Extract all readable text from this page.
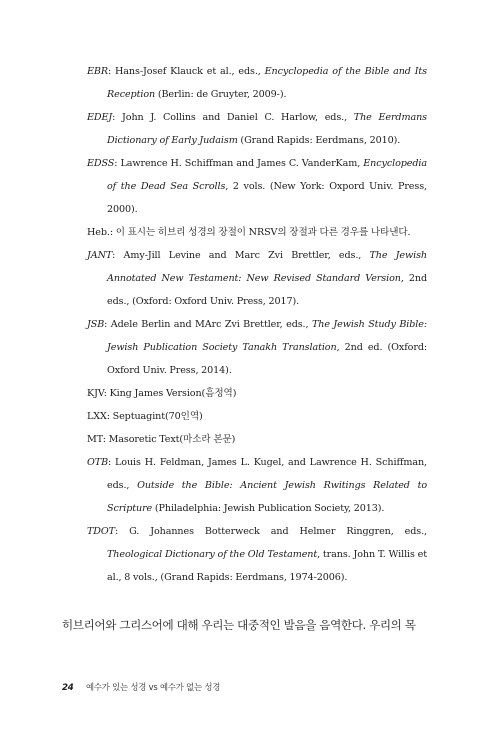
EBR: Hans-Josef Klauck et al., eds., Encyclopedia of the Bible and Its Reception (Berlin: de Gruyter, 2009-).

EDEJ: John J. Collins and Daniel C. Harlow, eds., The Eerdmans Dictionary of Early Judaism (Grand Rapids: Eerdmans, 2010).

EDSS: Lawrence H. Schiffman and James C. VanderKam, Encyclopedia of the Dead Sea Scrolls, 2 vols. (New York: Oxpord Univ. Press, 2000).

Heb.: 이 표시는 히브리 성경의 장절이 NRSV의 장절과 다른 경우를 나타낸다.

JANT: Amy-Jill Levine and Marc Zvi Brettler, eds., The Jewish Annotated New Testament: New Revised Standard Version, 2nd eds., (Oxford: Oxford Univ. Press, 2017).

JSB: Adele Berlin and MArc Zvi Brettler, eds., The Jewish Study Bible: Jewish Publication Society Tanakh Translation, 2nd ed. (Oxford: Oxford Univ. Press, 2014).

KJV: King James Version(흠정역)

LXX: Septuagint(70인역)

MT: Masoretic Text(마소라 본문)

OTB: Louis H. Feldman, James L. Kugel, and Lawrence H. Schiffman, eds., Outside the Bible: Ancient Jewish Rwitings Related to Scripture (Philadelphia: Jewish Publication Society, 2013).

TDOT: G. Johannes Botterweck and Helmer Ringgren, eds., Theological Dictionary of the Old Testament, trans. John T. Willis et al., 8 vols., (Grand Rapids: Eerdmans, 1974-2006).

히브리어와 그리스어에 대해 우리는 대중적인 발음을 음역한다. 우리의 목

24 예수가 있는 성경 vs 예수가 없는 성경
